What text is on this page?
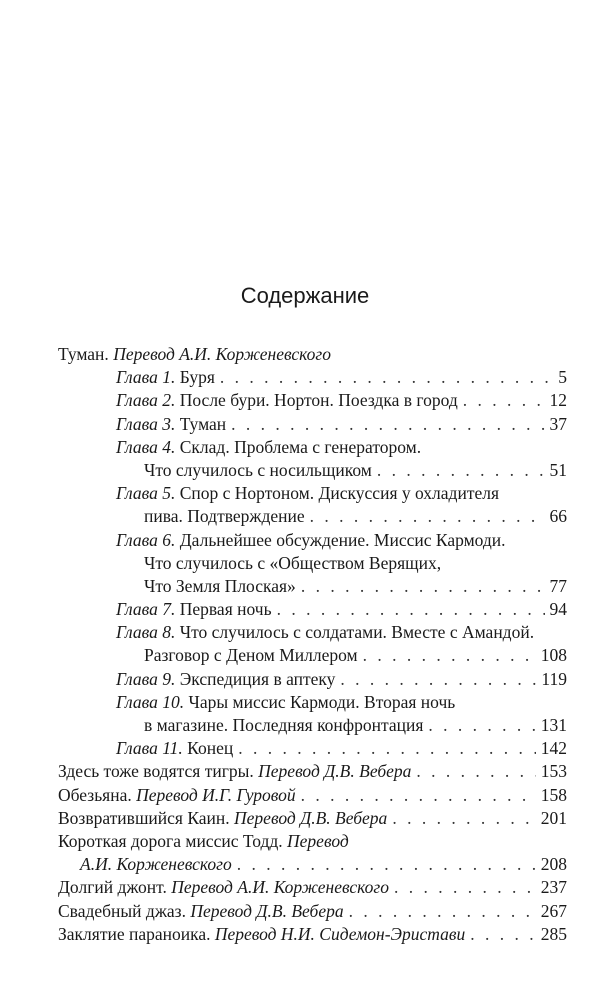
Содержание
Туман. Перевод А.И. Корженевского
Глава 1. Буря . . .	5
Глава 2. После бури. Нортон. Поездка в город . . .	12
Глава 3. Туман . . .	37
Глава 4. Склад. Проблема с генератором.
Что случилось с носильщиком . . .	51
Глава 5. Спор с Нортоном. Дискуссия у охладителя
пива. Подтверждение . . .	66
Глава 6. Дальнейшее обсуждение. Миссис Кармоди.
Что случилось с «Обществом Верящих,
Что Земля Плоская» . . .	77
Глава 7. Первая ночь . . .	94
Глава 8. Что случилось с солдатами. Вместе с Амандой.
Разговор с Деном Миллером . . .	108
Глава 9. Экспедиция в аптеку . . .	119
Глава 10. Чары миссис Кармоди. Вторая ночь
в магазине. Последняя конфронтация . . .	131
Глава 11. Конец . . .	142
Здесь тоже водятся тигры. Перевод Д.В. Вебера . . .	153
Обезьяна. Перевод И.Г. Гуровой . . .	158
Возвратившийся Каин. Перевод Д.В. Вебера . . .	201
Короткая дорога миссис Тодд. Перевод
А.И. Корженевского . . .	208
Долгий джонт. Перевод А.И. Корженевского . . .	237
Свадебный джаз. Перевод Д.В. Вебера . . .	267
Заклятие параноика. Перевод Н.И. Сидемон-Эристави . . .	285
